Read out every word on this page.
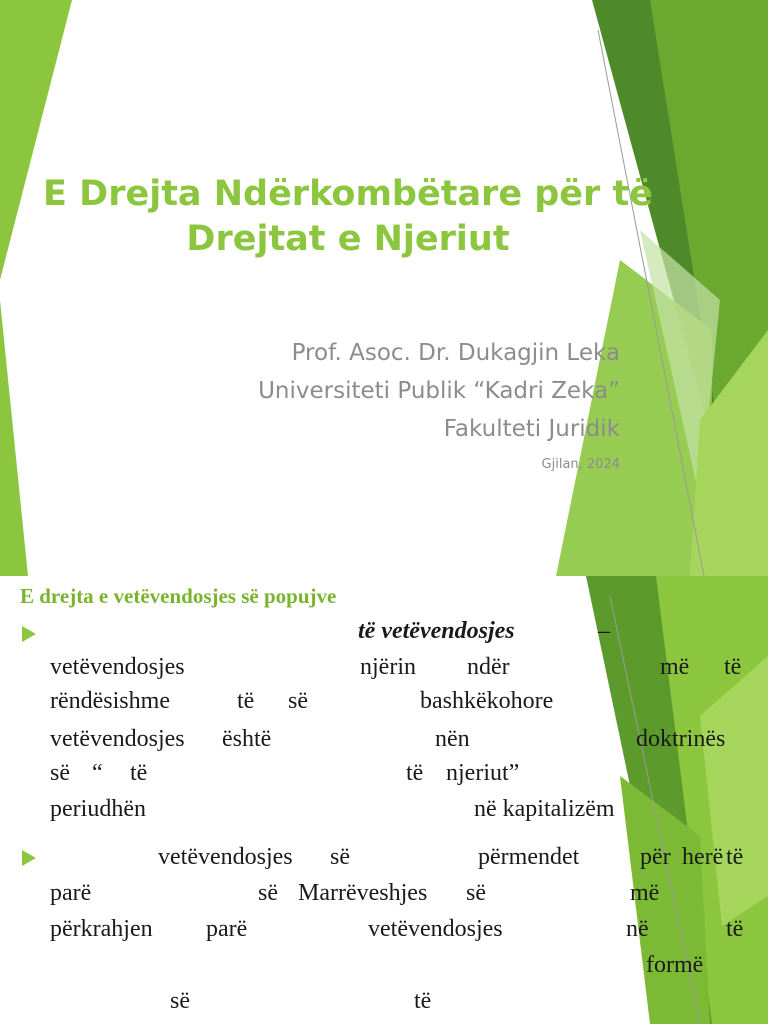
E Drejta Ndërkombëtare për të Drejtat e Njeriut
Prof. Asoc. Dr. Dukagjin Leka
Universiteti Publik “Kadri Zeka”
Fakulteti Juridik
Gjilan, 2024
E drejta e vetëvendosjes së popujve
të vetëvendosjes	–
vetëvendosjes	njërin ndër	më të
rëndësishme	të së	bashkëkohore
vetëvendosjes është	nën	doktrinës
së “ të	të njeriut”
periudhën	në kapitalizëm
vetëvendosjes së	përmendet	për herë të
parë	së Marrëveshjes së	më
përkrahjen parë	vetëvendosjes	në	të
formë
së	të
